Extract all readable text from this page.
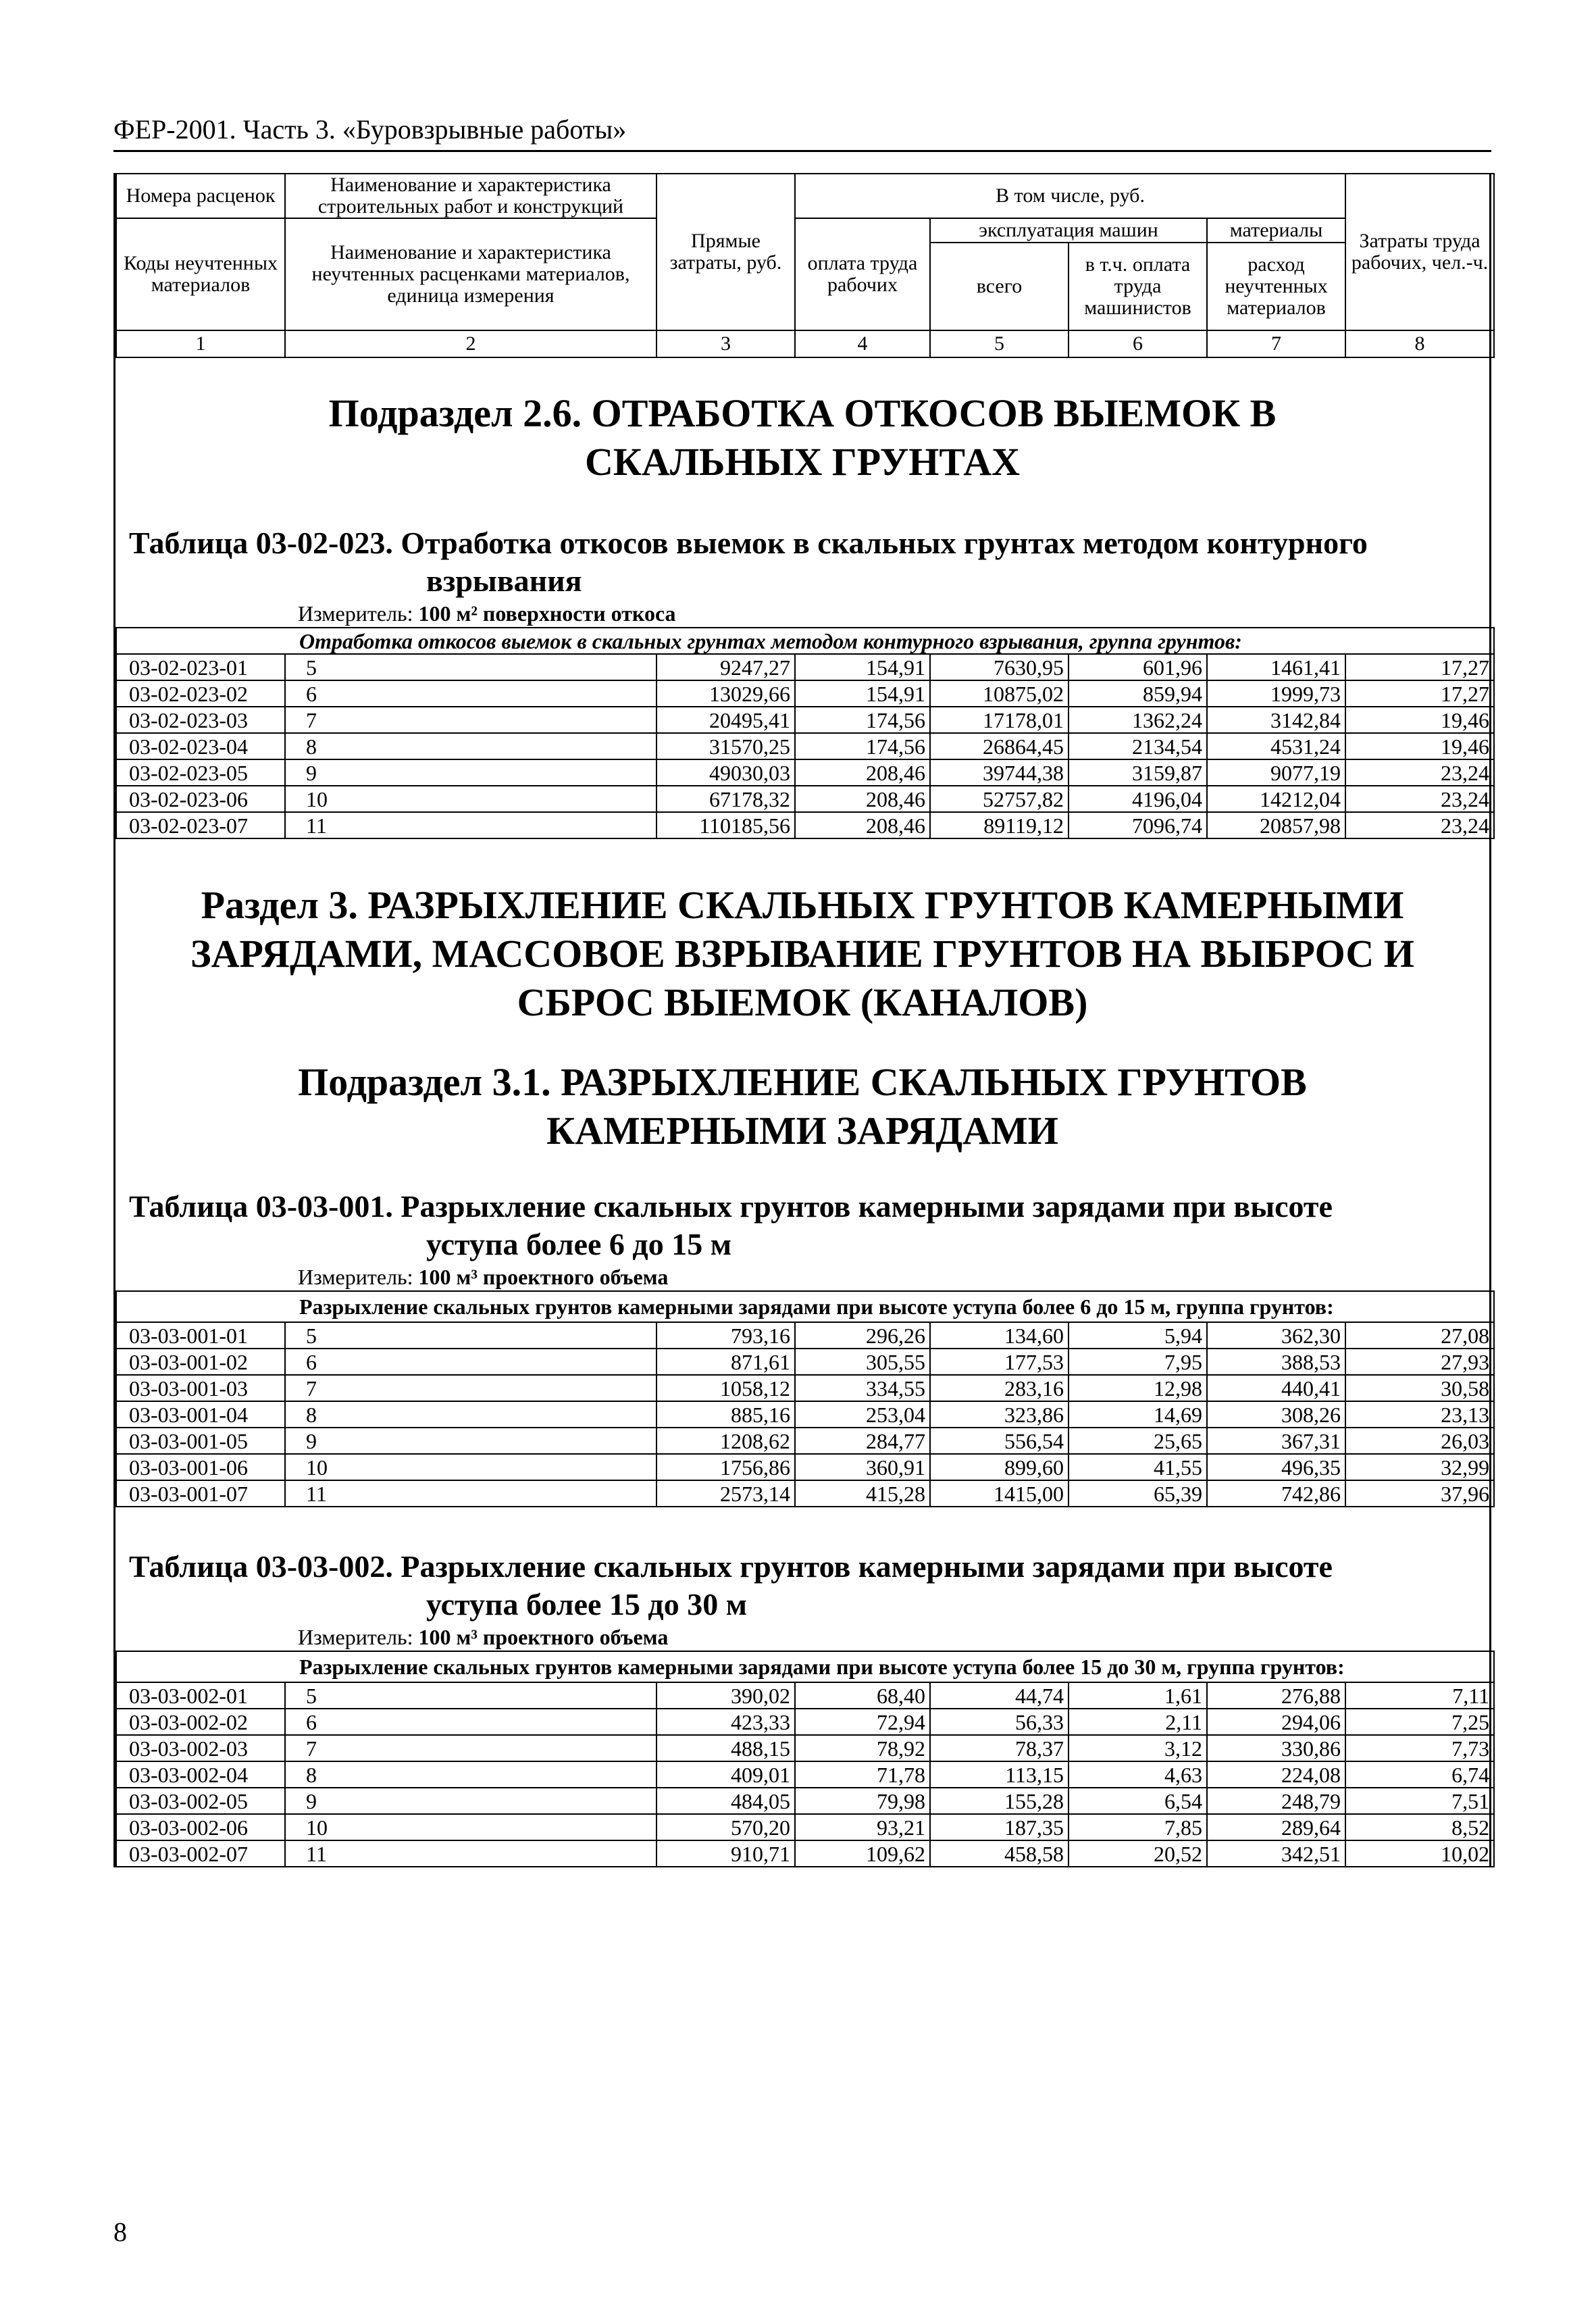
ФЕР-2001. Часть 3. «Буровзрывные работы»
Номера расценок	Наименование и характеристика строительных работ и конструкций	Прямые затраты, руб.	В том числе, руб.				Затраты труда рабочих, чел.-ч.
Коды неучтенных материалов	Наименование и характеристика неучтенных расценками материалов, единица измерения		оплата труда рабочих	эксплуатация машин		материалы	
				всего	в т.ч. оплата труда машинистов	расход неучтенных материалов	
1	2	3	4	5	6	7	8
Подраздел 2.6. ОТРАБОТКА ОТКОСОВ ВЫЕМОК В СКАЛЬНЫХ ГРУНТАХ

Таблица 03-02-023. Отработка откосов выемок в скальных грунтах методом контурного
взрывания

Измеритель: 100 м² поверхности откоса

Отработка откосов выемок в скальных грунтах методом контурного взрывания, группа грунтов:							
03-02-023-01	5	9247,27	154,91	7630,95	601,96	1461,41	17,27
03-02-023-02	6	13029,66	154,91	10875,02	859,94	1999,73	17,27
03-02-023-03	7	20495,41	174,56	17178,01	1362,24	3142,84	19,46
03-02-023-04	8	31570,25	174,56	26864,45	2134,54	4531,24	19,46
03-02-023-05	9	49030,03	208,46	39744,38	3159,87	9077,19	23,24
03-02-023-06	10	67178,32	208,46	52757,82	4196,04	14212,04	23,24
03-02-023-07	11	110185,56	208,46	89119,12	7096,74	20857,98	23,24
Раздел 3. РАЗРЫХЛЕНИЕ СКАЛЬНЫХ ГРУНТОВ КАМЕРНЫМИ ЗАРЯДАМИ, МАССОВОЕ ВЗРЫВАНИЕ ГРУНТОВ НА ВЫБРОС И СБРОС ВЫЕМОК (КАНАЛОВ)
Подраздел 3.1. РАЗРЫХЛЕНИЕ СКАЛЬНЫХ ГРУНТОВ КАМЕРНЫМИ ЗАРЯДАМИ

Таблица 03-03-001. Разрыхление скальных грунтов камерными зарядами при высоте
уступа более 6 до 15 м

Измеритель: 100 м³ проектного объема

Разрыхление скальных грунтов камерными зарядами при высоте уступа более 6 до 15 м, группа грунтов:							
03-03-001-01	5	793,16	296,26	134,60	5,94	362,30	27,08
03-03-001-02	6	871,61	305,55	177,53	7,95	388,53	27,93
03-03-001-03	7	1058,12	334,55	283,16	12,98	440,41	30,58
03-03-001-04	8	885,16	253,04	323,86	14,69	308,26	23,13
03-03-001-05	9	1208,62	284,77	556,54	25,65	367,31	26,03
03-03-001-06	10	1756,86	360,91	899,60	41,55	496,35	32,99
03-03-001-07	11	2573,14	415,28	1415,00	65,39	742,86	37,96

Таблица 03-03-002. Разрыхление скальных грунтов камерными зарядами при высоте
уступа более 15 до 30 м

Измеритель: 100 м³ проектного объема

Разрыхление скальных грунтов камерными зарядами при высоте уступа более 15 до 30 м, группа грунтов:							
03-03-002-01	5	390,02	68,40	44,74	1,61	276,88	7,11
03-03-002-02	6	423,33	72,94	56,33	2,11	294,06	7,25
03-03-002-03	7	488,15	78,92	78,37	3,12	330,86	7,73
03-03-002-04	8	409,01	71,78	113,15	4,63	224,08	6,74
03-03-002-05	9	484,05	79,98	155,28	6,54	248,79	7,51
03-03-002-06	10	570,20	93,21	187,35	7,85	289,64	8,52
03-03-002-07	11	910,71	109,62	458,58	20,52	342,51	10,02
8
